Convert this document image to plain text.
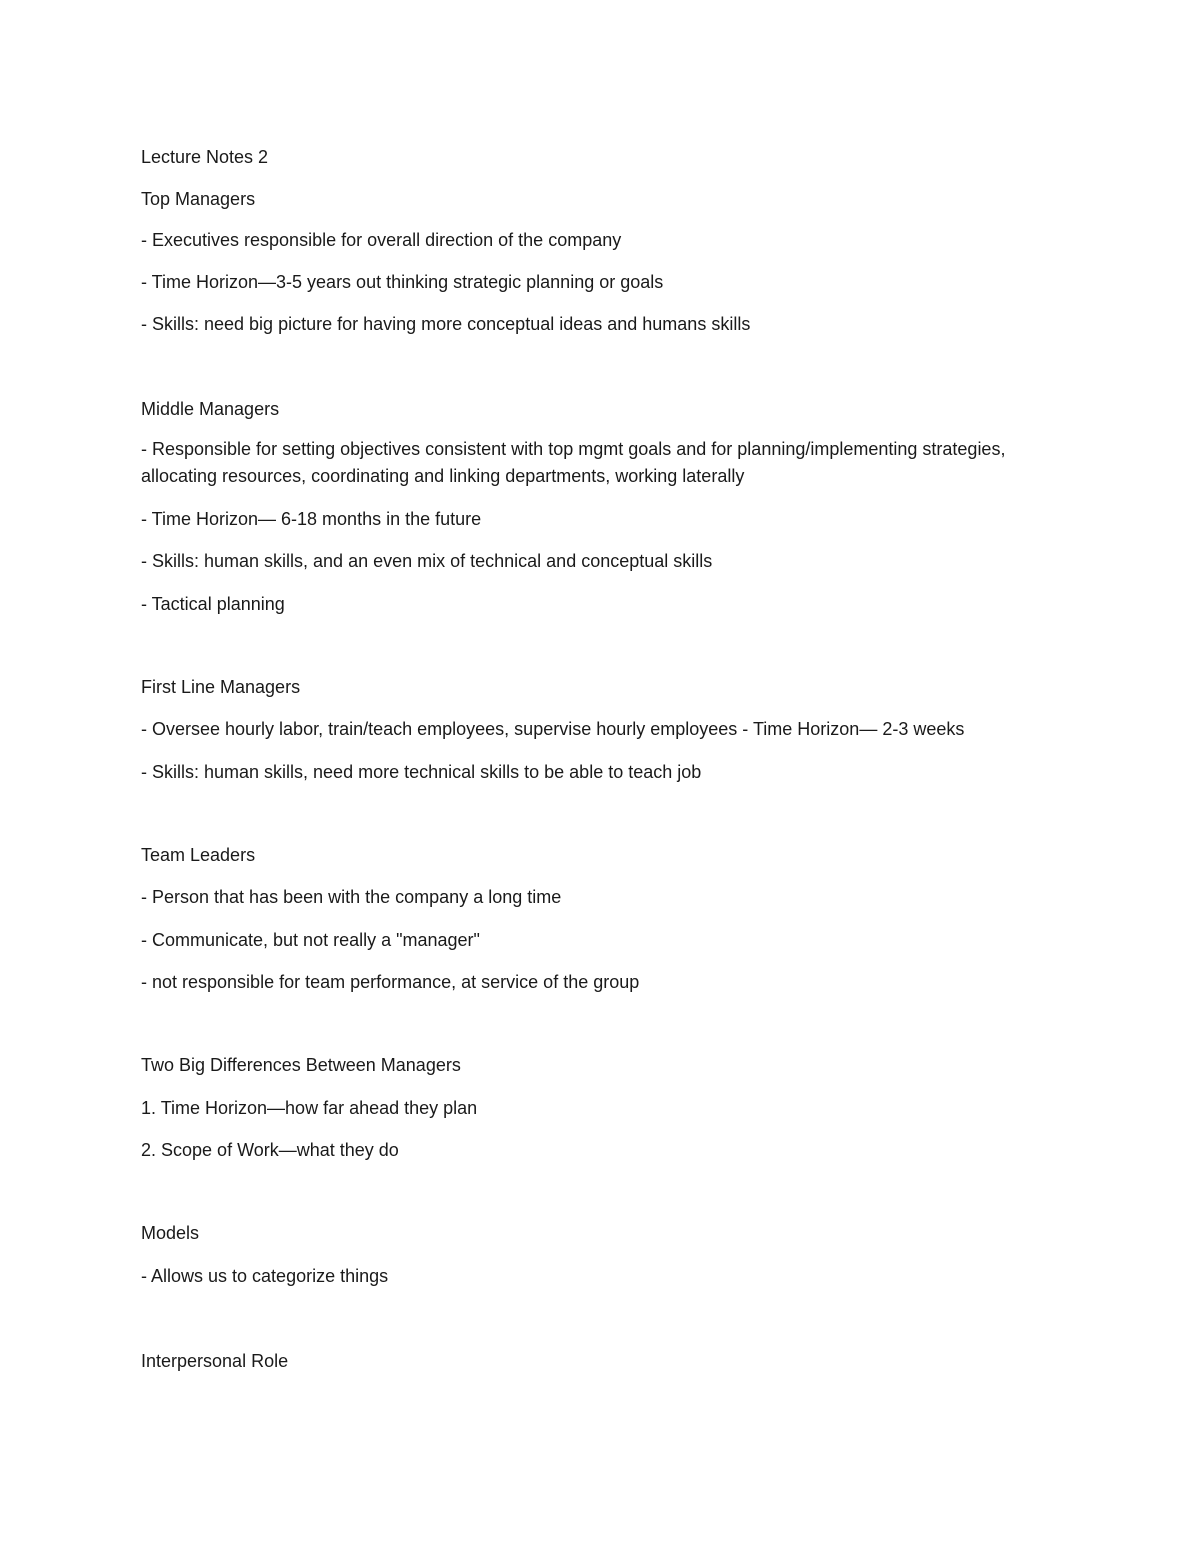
Lecture Notes 2
Top Managers
- Executives responsible for overall direction of the company
- Time Horizon—3-5 years out thinking strategic planning or goals
- Skills: need big picture for having more conceptual ideas and humans skills
Middle Managers
- Responsible for setting objectives consistent with top mgmt goals and for planning/implementing strategies, allocating resources, coordinating and linking departments, working laterally
- Time Horizon— 6-18 months in the future
- Skills: human skills, and an even mix of technical and conceptual skills
- Tactical planning
First Line Managers
- Oversee hourly labor, train/teach employees, supervise hourly employees - Time Horizon— 2-3 weeks
- Skills: human skills, need more technical skills to be able to teach job
Team Leaders
- Person that has been with the company a long time
- Communicate, but not really a "manager"
- not responsible for team performance, at service of the group
Two Big Differences Between Managers
1. Time Horizon—how far ahead they plan
2. Scope of Work—what they do
Models
- Allows us to categorize things
Interpersonal Role
